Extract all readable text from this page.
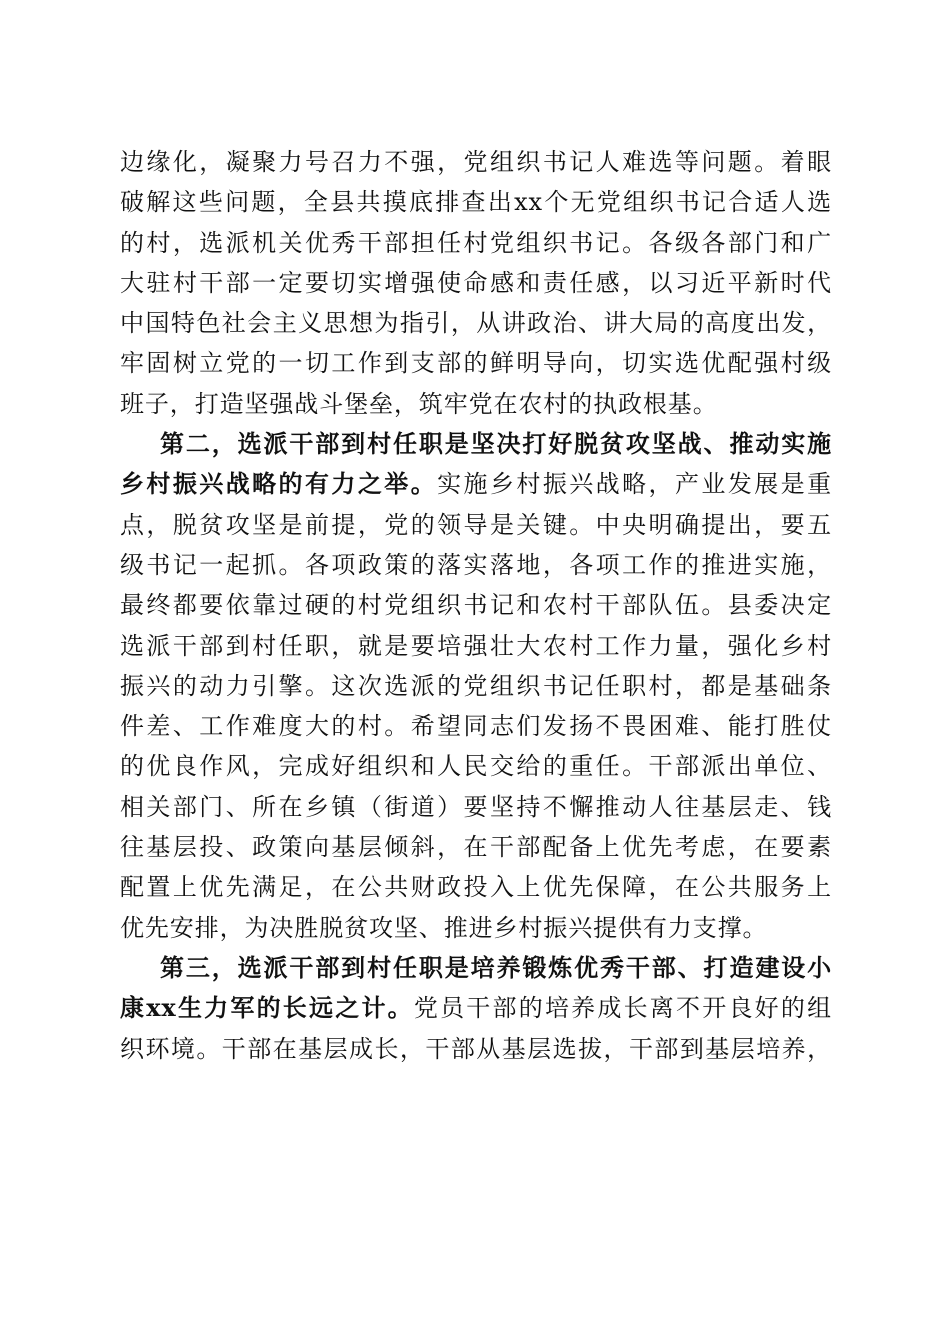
边缘化，凝聚力号召力不强，党组织书记人难选等问题。着眼
破解这些问题，全县共摸底排查出xx个无党组织书记合适人选
的村，选派机关优秀干部担任村党组织书记。各级各部门和广
大驻村干部一定要切实增强使命感和责任感，以习近平新时代
中国特色社会主义思想为指引，从讲政治、讲大局的高度出发，
牢固树立党的一切工作到支部的鲜明导向，切实选优配强村级
班子，打造坚强战斗堡垒，筑牢党在农村的执政根基。
第二，选派干部到村任职是坚决打好脱贫攻坚战、推动实施
乡村振兴战略的有力之举。实施乡村振兴战略，产业发展是重
点，脱贫攻坚是前提，党的领导是关键。中央明确提出，要五
级书记一起抓。各项政策的落实落地，各项工作的推进实施，
最终都要依靠过硬的村党组织书记和农村干部队伍。县委决定
选派干部到村任职，就是要培强壮大农村工作力量，强化乡村
振兴的动力引擎。这次选派的党组织书记任职村，都是基础条
件差、工作难度大的村。希望同志们发扬不畏困难、能打胜仗
的优良作风，完成好组织和人民交给的重任。干部派出单位、
相关部门、所在乡镇（街道）要坚持不懈推动人往基层走、钱
往基层投、政策向基层倾斜，在干部配备上优先考虑，在要素
配置上优先满足，在公共财政投入上优先保障，在公共服务上
优先安排，为决胜脱贫攻坚、推进乡村振兴提供有力支撑。
第三，选派干部到村任职是培养锻炼优秀干部、打造建设小
康xx生力军的长远之计。党员干部的培养成长离不开良好的组
织环境。干部在基层成长，干部从基层选拔，干部到基层培养，
